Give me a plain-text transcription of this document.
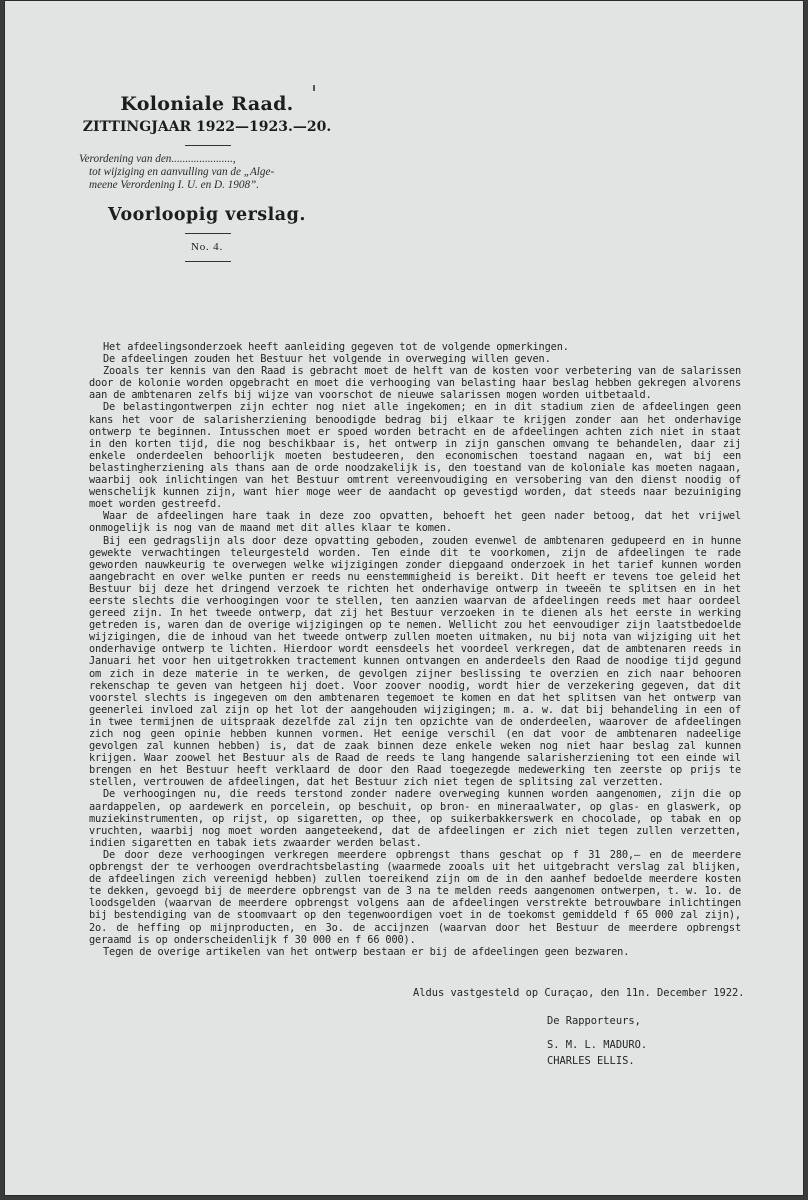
Koloniale Raad.
ZITTINGJAAR 1922—1923.—20.
Verordening van den......................,
tot wijziging en aanvulling van de „Alge-
meene Verordening I. U. en D. 1908”.
Voorloopig verslag.
No. 4.

Het afdeelingsonderzoek heeft aanleiding gegeven tot de volgende opmerkingen.

De afdeelingen zouden het Bestuur het volgende in overweging willen geven.

Zooals ter kennis van den Raad is gebracht moet de helft van de kosten voor verbetering van de salarissen door de kolonie worden opgebracht en moet die verhooging van belasting haar beslag hebben gekregen alvorens aan de ambtenaren zelfs bij wijze van voorschot de nieuwe salarissen mogen worden uitbetaald.

De belastingontwerpen zijn echter nog niet alle ingekomen; en in dit stadium zien de afdeelingen geen kans het voor de salarisherziening benoodigde bedrag bij elkaar te krijgen zonder aan het onderhavige ontwerp te beginnen. Intusschen moet er spoed worden betracht en de afdeelingen achten zich niet in staat in den korten tijd, die nog beschikbaar is, het ontwerp in zijn ganschen omvang te behandelen, daar zij enkele onderdeelen behoorlijk moeten bestudeeren, den economischen toestand nagaan en, wat bij een belastingherziening als thans aan de orde noodzakelijk is, den toestand van de koloniale kas moeten nagaan, waarbij ook inlichtingen van het Bestuur omtrent vereenvoudiging en versobering van den dienst noodig of wenschelijk kunnen zijn, want hier moge weer de aandacht op gevestigd worden, dat steeds naar bezuiniging moet worden gestreefd.

Waar de afdeelingen hare taak in deze zoo opvatten, behoeft het geen nader betoog, dat het vrijwel onmogelijk is nog van de maand met dit alles klaar te komen.

Bij een gedragslijn als door deze opvatting geboden, zouden evenwel de ambtenaren gedupeerd en in hunne gewekte verwachtingen teleurgesteld worden. Ten einde dit te voorkomen, zijn de afdeelingen te rade geworden nauwkeurig te overwegen welke wijzigingen zonder diepgaand onderzoek in het tarief kunnen worden aangebracht en over welke punten er reeds nu eenstemmigheid is bereikt. Dit heeft er tevens toe geleid het Bestuur bij deze het dringend verzoek te richten het onderhavige ontwerp in tweeën te splitsen en in het eerste slechts die verhoogingen voor te stellen, ten aanzien waarvan de afdeelingen reeds met haar oordeel gereed zijn. In het tweede ontwerp, dat zij het Bestuur verzoeken in te dienen als het eerste in werking getreden is, waren dan de overige wijzigingen op te nemen. Wellicht zou het eenvoudiger zijn laatstbedoelde wijzigingen, die de inhoud van het tweede ontwerp zullen moeten uitmaken, nu bij nota van wijziging uit het onderhavige ontwerp te lichten. Hierdoor wordt eensdeels het voordeel verkregen, dat de ambtenaren reeds in Januari het voor hen uitgetrokken tractement kunnen ontvangen en anderdeels den Raad de noodige tijd gegund om zich in deze materie in te werken, de gevolgen zijner beslissing te overzien en zich naar behooren rekenschap te geven van hetgeen hij doet. Voor zoover noodig, wordt hier de verzekering gegeven, dat dit voorstel slechts is ingegeven om den ambtenaren tegemoet te komen en dat het splitsen van het ontwerp van geenerlei invloed zal zijn op het lot der aangehouden wijzigingen; m. a. w. dat bij behandeling in een of in twee termijnen de uitspraak dezelfde zal zijn ten opzichte van de onderdeelen, waarover de afdeelingen zich nog geen opinie hebben kunnen vormen. Het eenige verschil (en dat voor de ambtenaren nadeelige gevolgen zal kunnen hebben) is, dat de zaak binnen deze enkele weken nog niet haar beslag zal kunnen krijgen. Waar zoowel het Bestuur als de Raad de reeds te lang hangende salarisherziening tot een einde wil brengen en het Bestuur heeft verklaard de door den Raad toegezegde medewerking ten zeerste op prijs te stellen, vertrouwen de afdeelingen, dat het Bestuur zich niet tegen de splitsing zal verzetten.

De verhoogingen nu, die reeds terstond zonder nadere overweging kunnen worden aangenomen, zijn die op aardappelen, op aardewerk en porcelein, op beschuit, op bron- en mineraalwater, op glas- en glaswerk, op muziekinstrumenten, op rijst, op sigaretten, op thee, op suikerbakkerswerk en chocolade, op tabak en op vruchten, waarbij nog moet worden aangeteekend, dat de afdeelingen er zich niet tegen zullen verzetten, indien sigaretten en tabak iets zwaarder werden belast.

De door deze verhoogingen verkregen meerdere opbrengst thans geschat op f 31 280,— en de meerdere opbrengst der te verhoogen overdrachtsbelasting (waarmede zooals uit het uitgebracht verslag zal blijken, de afdeelingen zich vereenigd hebben) zullen toereikend zijn om de in den aanhef bedoelde meerdere kosten te dekken, gevoegd bij de meerdere opbrengst van de 3 na te melden reeds aangenomen ontwerpen, t. w. 1o. de loodsgelden (waarvan de meerdere opbrengst volgens aan de afdeelingen verstrekte betrouwbare inlichtingen bij bestendiging van de stoomvaart op den tegenwoordigen voet in de toekomst gemiddeld f 65 000 zal zijn), 2o. de heffing op mijnproducten, en 3o. de accijnzen (waarvan door het Bestuur de meerdere opbrengst geraamd is op onderscheidenlijk f 30 000 en f 66 000).

Tegen de overige artikelen van het ontwerp bestaan er bij de afdeelingen geen bezwaren.

Aldus vastgesteld op Curaçao, den 11n. December 1922.
De Rapporteurs,
S. M. L. MADURO.
CHARLES ELLIS.
